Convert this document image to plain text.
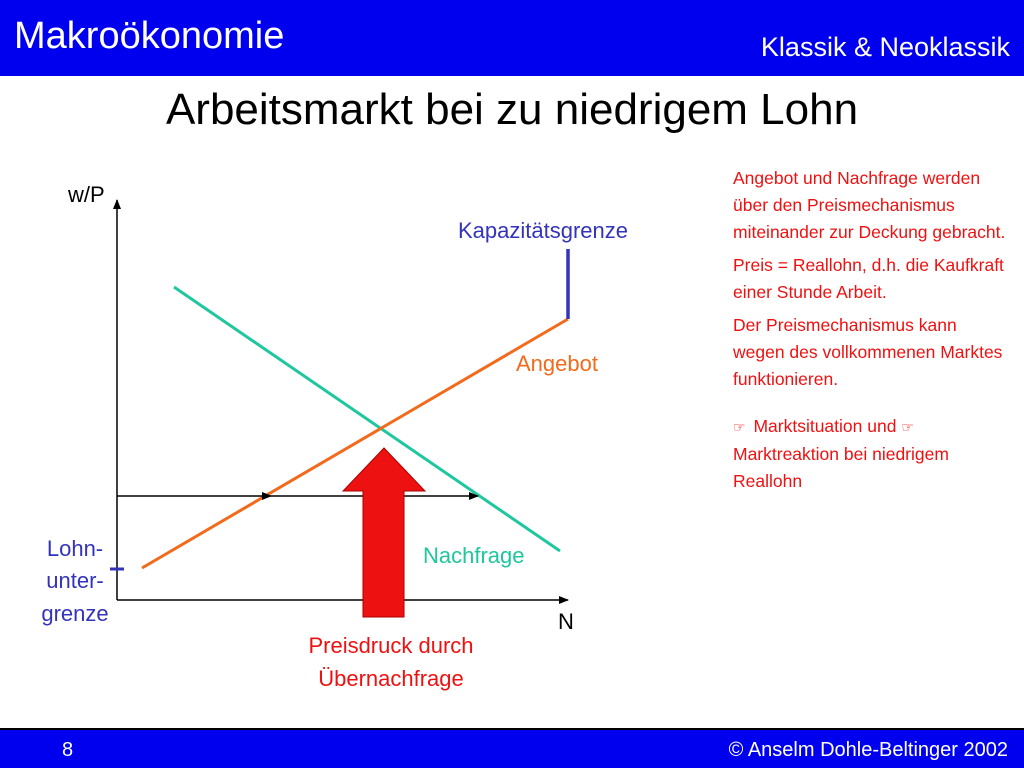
Makroökonomie	Klassik & Neoklassik
Arbeitsmarkt bei zu niedrigem Lohn
w/P
N
Kapazitätsgrenze
Angebot
Nachfrage
Lohn-
unter-
grenze
Preisdruck durch
Übernachfrage

Angebot und Nachfrage werden über den Preismechanismus miteinander zur Deckung gebracht.

Preis = Reallohn, d.h. die Kaufkraft einer Stunde Arbeit.

Der Preismechanismus kann wegen des vollkommenen Marktes funktionieren.

☞ Marktsituation und ☞ Marktreaktion bei niedrigem Reallohn

8	© Anselm Dohle-Beltinger 2002
